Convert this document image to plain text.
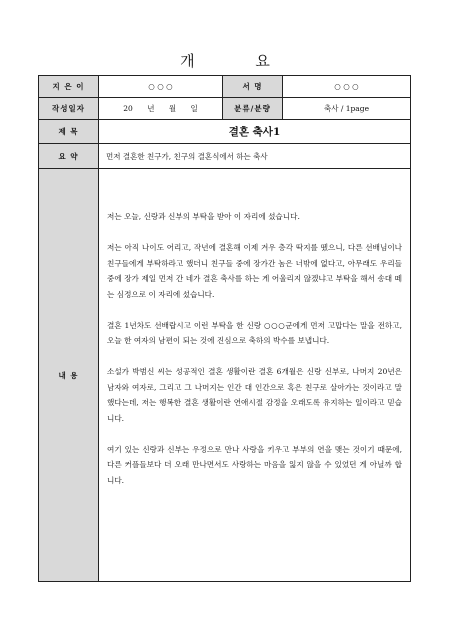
개 요
지 은 이	○ ○ ○	서 명	○ ○ ○
작성일자	20 년 월 일	분류/분량	축사 / 1page
제 목	결혼 축사1		
요 약	먼저 결혼한 친구가, 친구의 결혼식에서 하는 축사		
내 용	저는 오늘, 신랑과 신부의 부탁을 받아 이 자리에 섰습니다.

저는 아직 나이도 어리고, 작년에 결혼해 이제 겨우 층각 딱지를 뗐으니, 다른 선배님이나 친구들에게 부탁하라고 했더니 친구들 중에 장가간 놈은 너밖에 없다고, 아무래도 우리들 중에 장가 제일 먼저 간 네가 결혼 축사를 하는 게 어울리지 않겠냐고 부탁을 해서 송대 떼는 심정으로 이 자리에 섰습니다.

결혼 1년차도 선배랍시고 이런 부탁을 한 신랑 ○○○군에게 먼저 고맙다는 말을 전하고, 오늘 한 여자의 남편이 되는 것에 진심으로 축하의 박수를 보냅니다.

소설가 박범신 씨는 성공적인 결혼 생활이란 결혼 6개월은 신랑 신부로, 나머지 20년은 남자와 여자로, 그리고 그 나머지는 인간 대 인간으로 혹은 친구로 살아가는 것이라고 말했다는데, 저는 행복한 결혼 생활이란 연애시절 감정을 오래도록 유지하는 일이라고 믿습니다.

여기 있는 신랑과 신부는 우정으로 만나 사랑을 키우고 부부의 연을 맺는 것이기 때문에, 다른 커플들보다 더 오래 만나면서도 사랑하는 마음을 잃지 않을 수 있었던 게 아닐까 합니다.		
